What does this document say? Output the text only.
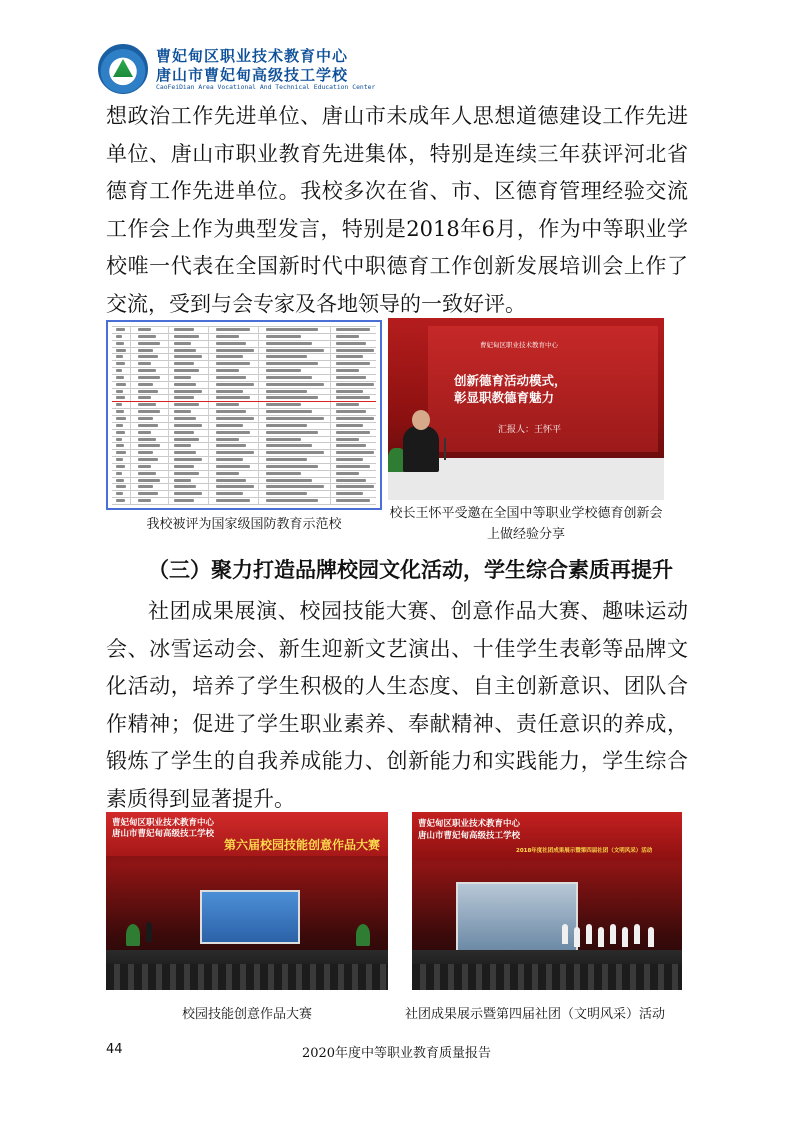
曹妃甸区职业技术教育中心
唐山市曹妃甸高级技工学校
CaoFeiDian Area Vocational And Technical Education Center

想政治工作先进单位、唐山市未成年人思想道德建设工作先进单位、唐山市职业教育先进集体，特别是连续三年获评河北省德育工作先进单位。我校多次在省、市、区德育管理经验交流工作会上作为典型发言，特别是2018年6月，作为中等职业学校唯一代表在全国新时代中职德育工作创新发展培训会上作了交流，受到与会专家及各地领导的一致好评。

曹妃甸区职业技术教育中心
创新德育活动模式，
彰显职教德育魅力
汇报人：王怀平
我校被评为国家级国防教育示范校
校长王怀平受邀在全国中等职业学校德育创新会上做经验分享
（三）聚力打造品牌校园文化活动，学生综合素质再提升

社团成果展演、校园技能大赛、创意作品大赛、趣味运动会、冰雪运动会、新生迎新文艺演出、十佳学生表彰等品牌文化活动，培养了学生积极的人生态度、自主创新意识、团队合作精神；促进了学生职业素养、奉献精神、责任意识的养成，锻炼了学生的自我养成能力、创新能力和实践能力，学生综合素质得到显著提升。

曹妃甸区职业技术教育中心
唐山市曹妃甸高级技工学校
第六届校园技能创意作品大赛
曹妃甸区职业技术教育中心
唐山市曹妃甸高级技工学校
2018年度社团成果展示暨第四届社团（文明风采）活动
校园技能创意作品大赛	社团成果展示暨第四届社团（文明风采）活动
44	2020年度中等职业教育质量报告
